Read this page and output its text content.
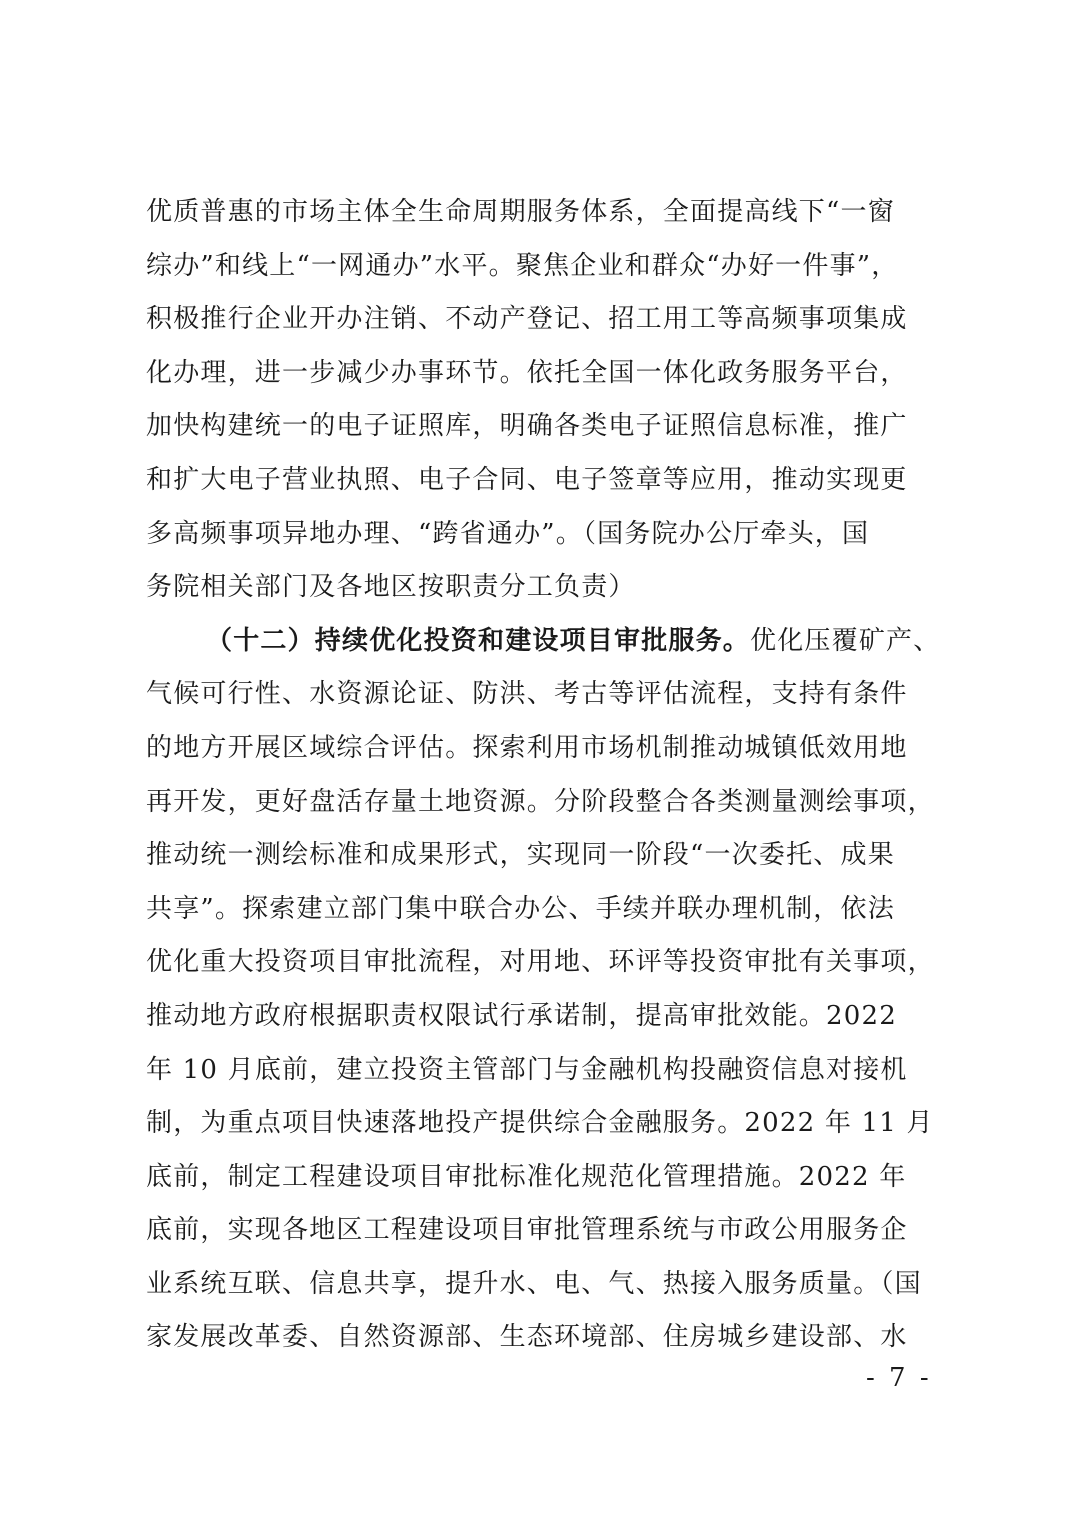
优质普惠的市场主体全生命周期服务体系，全面提高线下“一窗
综办”和线上“一网通办”水平。聚焦企业和群众“办好一件事”，
积极推行企业开办注销、不动产登记、招工用工等高频事项集成
化办理，进一步减少办事环节。依托全国一体化政务服务平台，
加快构建统一的电子证照库，明确各类电子证照信息标准，推广
和扩大电子营业执照、电子合同、电子签章等应用，推动实现更
多高频事项异地办理、“跨省通办”。（国务院办公厅牵头，国
务院相关部门及各地区按职责分工负责）
（十二）持续优化投资和建设项目审批服务。优化压覆矿产、
气候可行性、水资源论证、防洪、考古等评估流程，支持有条件
的地方开展区域综合评估。探索利用市场机制推动城镇低效用地
再开发，更好盘活存量土地资源。分阶段整合各类测量测绘事项，
推动统一测绘标准和成果形式，实现同一阶段“一次委托、成果
共享”。探索建立部门集中联合办公、手续并联办理机制，依法
优化重大投资项目审批流程，对用地、环评等投资审批有关事项，
推动地方政府根据职责权限试行承诺制，提高审批效能。2022
年 10 月底前，建立投资主管部门与金融机构投融资信息对接机
制，为重点项目快速落地投产提供综合金融服务。2022 年 11 月
底前，制定工程建设项目审批标准化规范化管理措施。2022 年
底前，实现各地区工程建设项目审批管理系统与市政公用服务企
业系统互联、信息共享，提升水、电、气、热接入服务质量。（国
家发展改革委、自然资源部、生态环境部、住房城乡建设部、水
- 7 -
